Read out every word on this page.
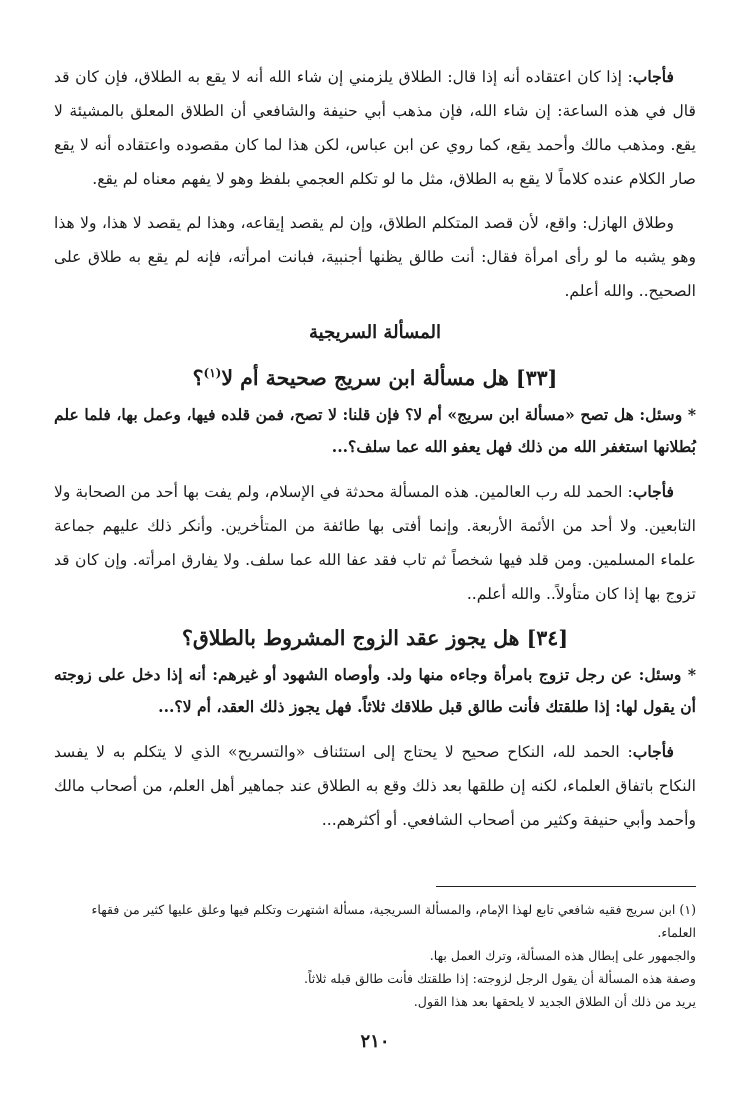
فأجاب: إذا كان اعتقاده أنه إذا قال: الطلاق يلزمني إن شاء الله أنه لا يقع به الطلاق، فإن كان قد قال في هذه الساعة: إن شاء الله، فإن مذهب أبي حنيفة والشافعي أن الطلاق المعلق بالمشيئة لا يقع. ومذهب مالك وأحمد يقع، كما روي عن ابن عباس، لكن هذا لما كان مقصوده واعتقاده أنه لا يقع صار الكلام عنده كلاماً لا يقع به الطلاق، مثل ما لو تكلم العجمي بلفظ وهو لا يفهم معناه لم يقع.

وطلاق الهازل: واقع، لأن قصد المتكلم الطلاق، وإن لم يقصد إيقاعه، وهذا لم يقصد لا هذا، ولا هذا وهو يشبه ما لو رأى امرأة فقال: أنت طالق يظنها أجنبية، فبانت امرأته، فإنه لم يقع به طلاق على الصحيح.. والله أعلم.

المسألة السريجية
[٣٣] هل مسألة ابن سريج صحيحة أم لا$^{(١)}$؟

* وسئل: هل تصح «مسألة ابن سريج» أم لا؟ فإن قلنا: لا تصح، فمن قلده فيها، وعمل بها، فلما علم بُطلانها استغفر الله من ذلك فهل يعفو الله عما سلف؟...

فأجاب: الحمد لله رب العالمين. هذه المسألة محدثة في الإسلام، ولم يفت بها أحد من الصحابة ولا التابعين. ولا أحد من الأئمة الأربعة. وإنما أفتى بها طائفة من المتأخرين. وأنكر ذلك عليهم جماعة علماء المسلمين. ومن قلد فيها شخصاً ثم تاب فقد عفا الله عما سلف. ولا يفارق امرأته. وإن كان قد تزوج بها إذا كان متأولاً.. والله أعلم..

[٣٤] هل يجوز عقد الزوج المشروط بالطلاق؟

* وسئل: عن رجل تزوج بامرأة وجاءه منها ولد. وأوصاه الشهود أو غيرهم: أنه إذا دخل على زوجته أن يقول لها: إذا طلقتك فأنت طالق قبل طلاقك ثلاثاً. فهل يجوز ذلك العقد، أم لا؟...

فأجاب: الحمد لله، النكاح صحيح لا يحتاج إلى استئناف «والتسريح» الذي لا يتكلم به لا يفسد النكاح باتفاق العلماء، لكنه إن طلقها بعد ذلك وقع به الطلاق عند جماهير أهل العلم، من أصحاب مالك وأحمد وأبي حنيفة وكثير من أصحاب الشافعي. أو أكثرهم...

(١) ابن سريج فقيه شافعي تابع لهذا الإمام، والمسألة السريجية، مسألة اشتهرت وتكلم فيها وعلق عليها كثير من فقهاء العلماء.

والجمهور على إبطال هذه المسألة، وترك العمل بها.

وصفة هذه المسألة أن يقول الرجل لزوجته: إذا طلقتك فأنت طالق قبله ثلاثاً.

يريد من ذلك أن الطلاق الجديد لا يلحقها بعد هذا القول.

٢١٠
